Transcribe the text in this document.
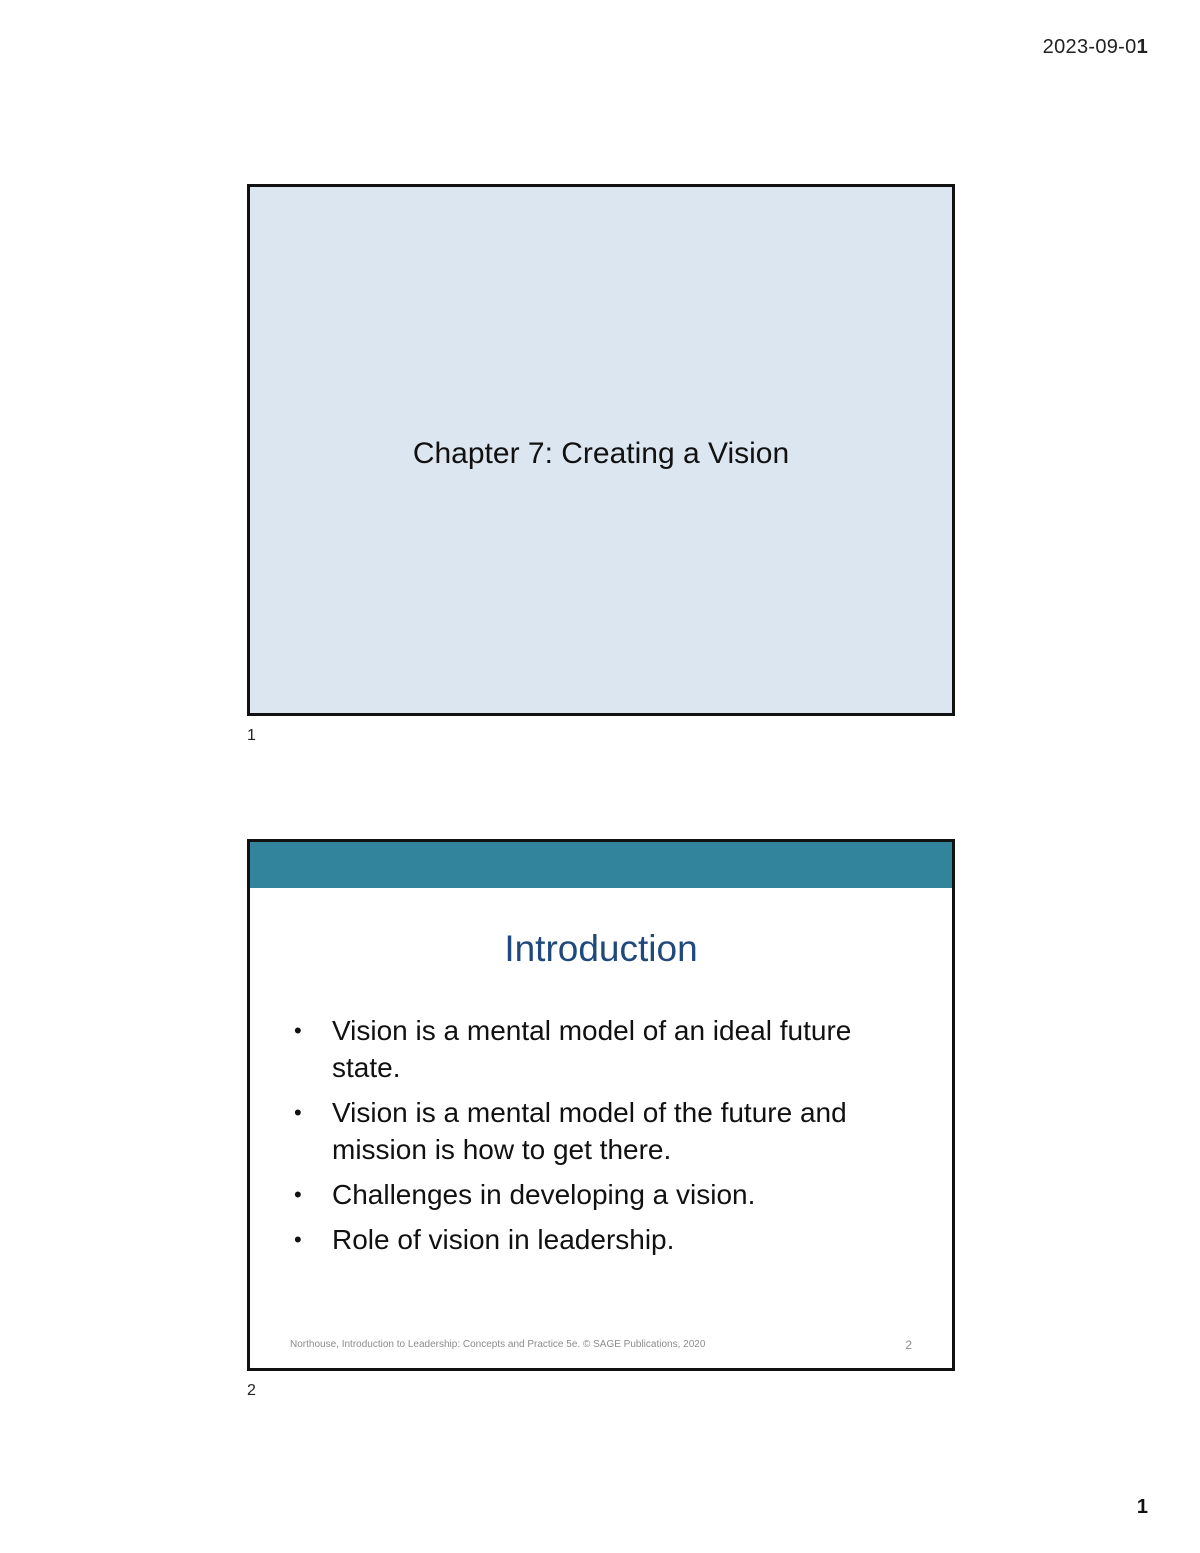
2023-09-01
Chapter 7: Creating a Vision
1
Introduction
• Vision is a mental model of an ideal future state.
• Vision is a mental model of the future and mission is how to get there.
• Challenges in developing a vision.
• Role of vision in leadership.
Northouse, Introduction to Leadership: Concepts and Practice 5e. © SAGE Publications, 2020	2
2
1
